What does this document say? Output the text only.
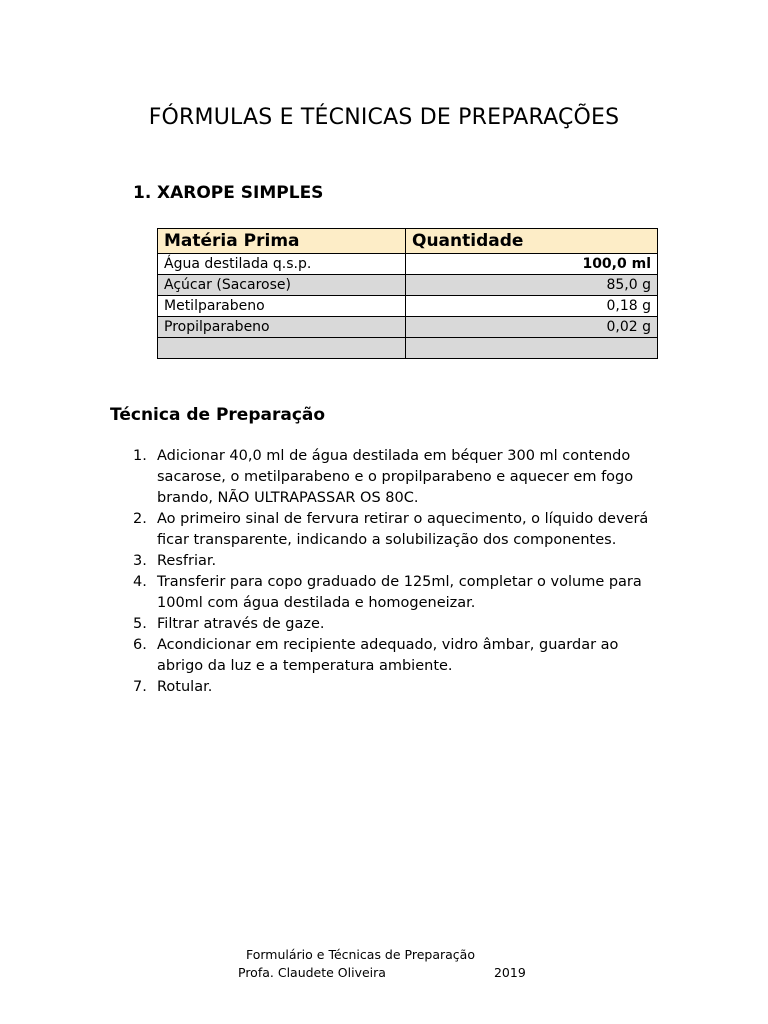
FÓRMULAS E TÉCNICAS DE PREPARAÇÕES
1. XAROPE SIMPLES
Matéria Prima	Quantidade
Água destilada q.s.p.	100,0 ml
Açúcar (Sacarose)	85,0 g
Metilparabeno	0,18 g
Propilparabeno	0,02 g

Técnica de Preparação
1. Adicionar 40,0 ml de água destilada em béquer 300 ml contendo sacarose, o metilparabeno e o propilparabeno e aquecer em fogo brando, NÃO ULTRAPASSAR OS 80C.
2. Ao primeiro sinal de fervura retirar o aquecimento, o líquido deverá ficar transparente, indicando a solubilização dos componentes.
3. Resfriar.
4. Transferir para copo graduado de 125ml, completar o volume para 100ml com água destilada e homogeneizar.
5. Filtrar através de gaze.
6. Acondicionar em recipiente adequado, vidro âmbar, guardar ao abrigo da luz e a temperatura ambiente.
7. Rotular.
Formulário e Técnicas de Preparação
Profa. Claudete Oliveira	2019
